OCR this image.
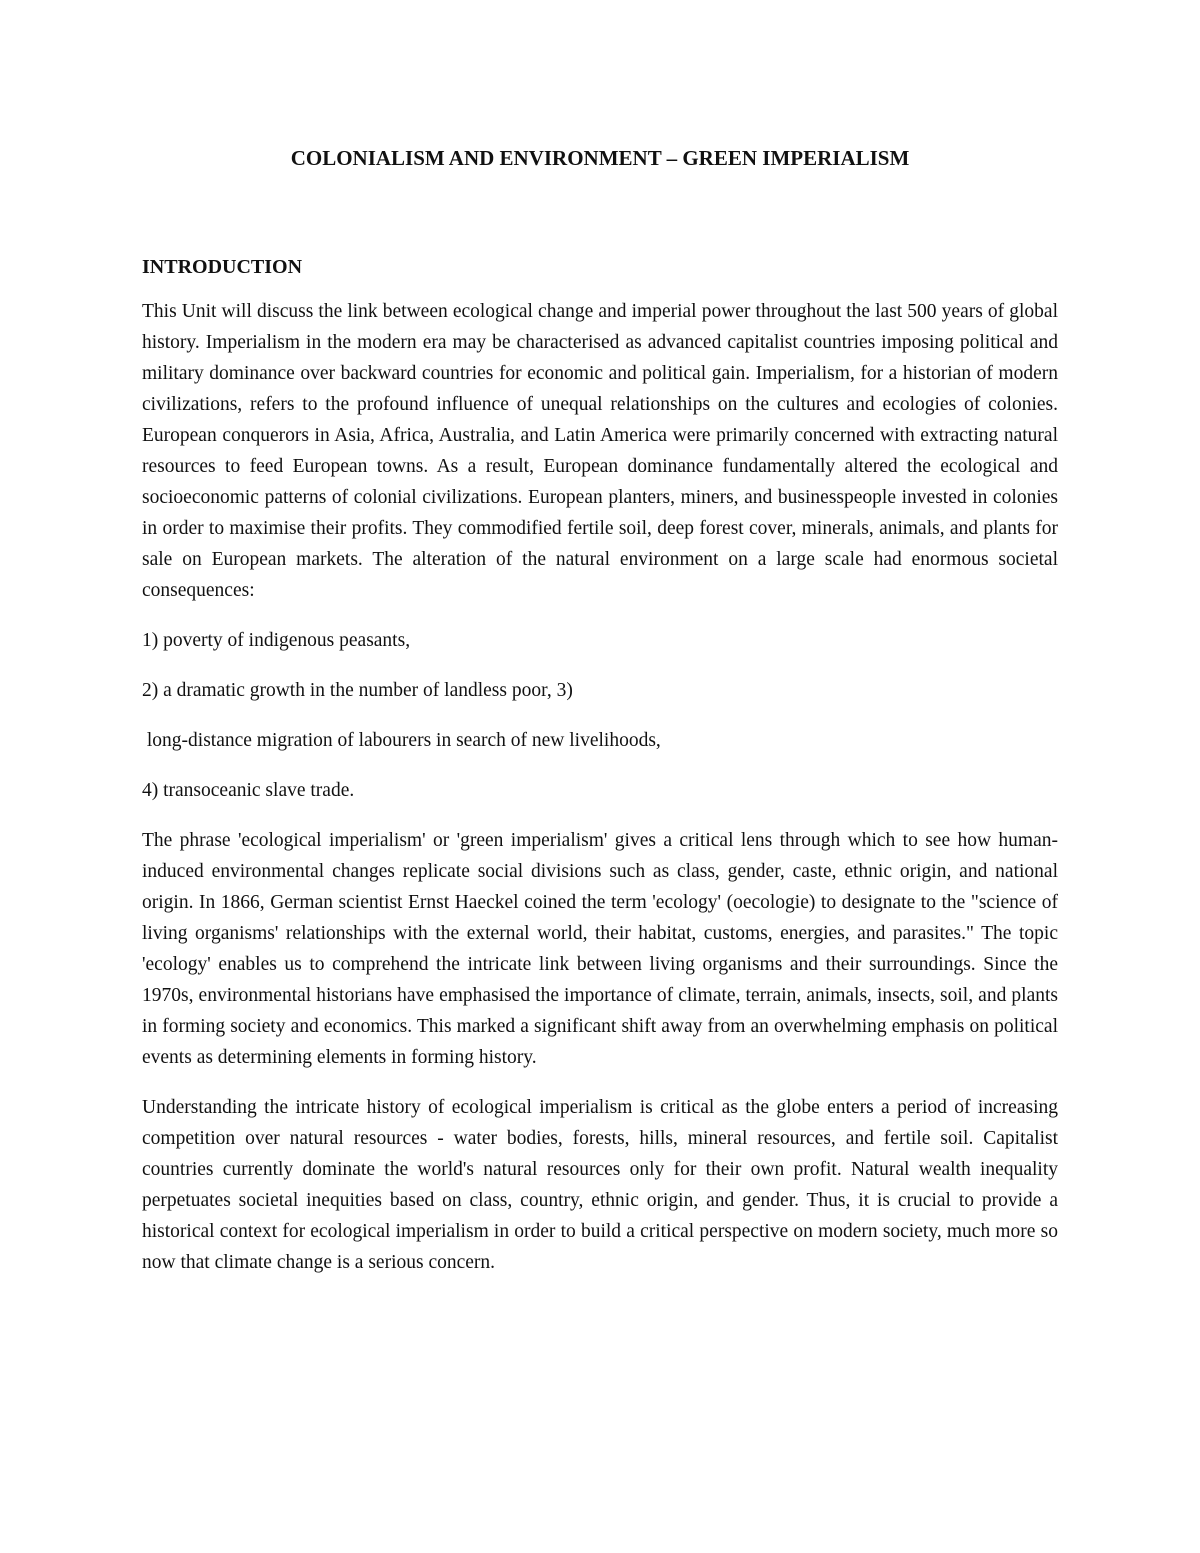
COLONIALISM AND ENVIRONMENT – GREEN IMPERIALISM
INTRODUCTION

This Unit will discuss the link between ecological change and imperial power throughout the last 500 years of global history. Imperialism in the modern era may be characterised as advanced capitalist countries imposing political and military dominance over backward countries for economic and political gain. Imperialism, for a historian of modern civilizations, refers to the profound influence of unequal relationships on the cultures and ecologies of colonies. European conquerors in Asia, Africa, Australia, and Latin America were primarily concerned with extracting natural resources to feed European towns. As a result, European dominance fundamentally altered the ecological and socioeconomic patterns of colonial civilizations. European planters, miners, and businesspeople invested in colonies in order to maximise their profits. They commodified fertile soil, deep forest cover, minerals, animals, and plants for sale on European markets. The alteration of the natural environment on a large scale had enormous societal consequences:

1) poverty of indigenous peasants,

2) a dramatic growth in the number of landless poor, 3)

long-distance migration of labourers in search of new livelihoods,

4) transoceanic slave trade.

The phrase 'ecological imperialism' or 'green imperialism' gives a critical lens through which to see how human-induced environmental changes replicate social divisions such as class, gender, caste, ethnic origin, and national origin. In 1866, German scientist Ernst Haeckel coined the term 'ecology' (oecologie) to designate to the "science of living organisms' relationships with the external world, their habitat, customs, energies, and parasites." The topic 'ecology' enables us to comprehend the intricate link between living organisms and their surroundings. Since the 1970s, environmental historians have emphasised the importance of climate, terrain, animals, insects, soil, and plants in forming society and economics. This marked a significant shift away from an overwhelming emphasis on political events as determining elements in forming history.

Understanding the intricate history of ecological imperialism is critical as the globe enters a period of increasing competition over natural resources - water bodies, forests, hills, mineral resources, and fertile soil. Capitalist countries currently dominate the world's natural resources only for their own profit. Natural wealth inequality perpetuates societal inequities based on class, country, ethnic origin, and gender. Thus, it is crucial to provide a historical context for ecological imperialism in order to build a critical perspective on modern society, much more so now that climate change is a serious concern.
